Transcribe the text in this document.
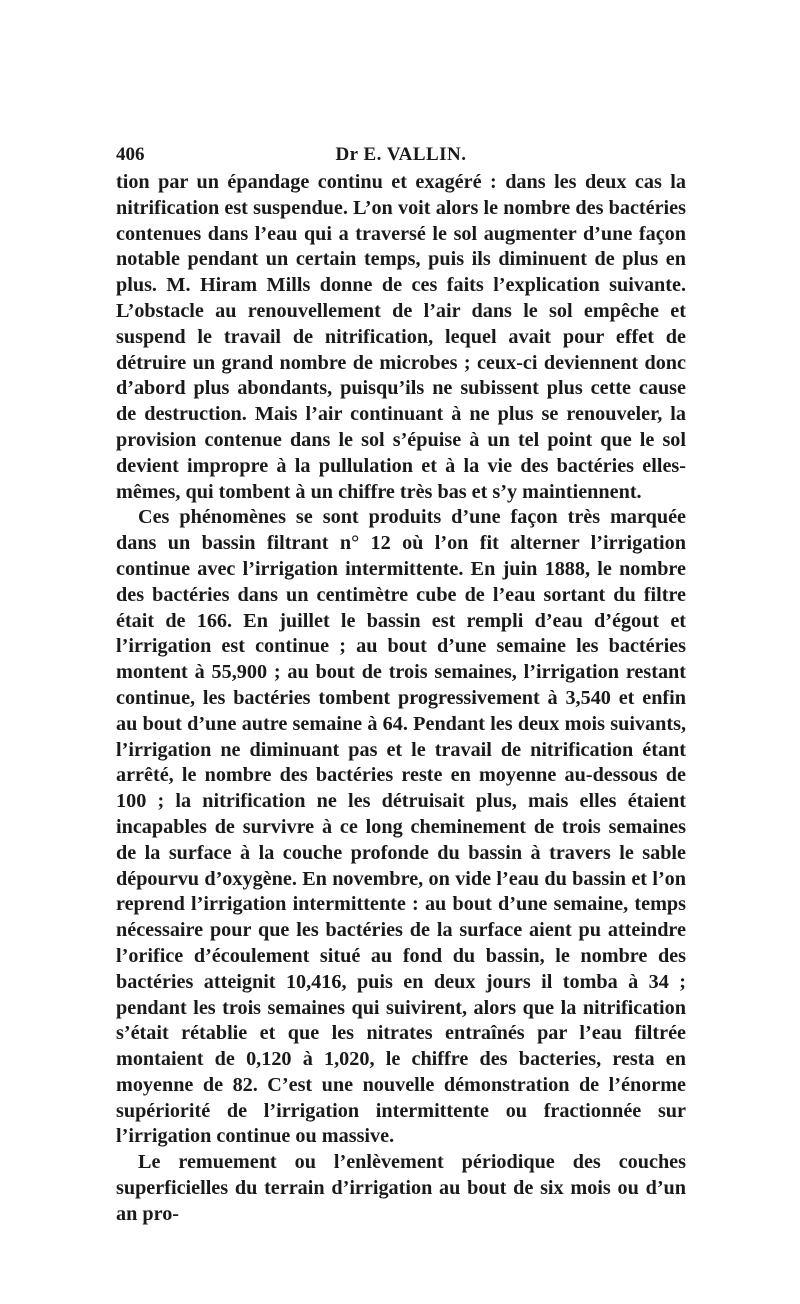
406	Dr E. VALLIN.

tion par un épandage continu et exagéré : dans les deux cas la nitrification est suspendue. L’on voit alors le nombre des bactéries contenues dans l’eau qui a traversé le sol augmenter d’une façon notable pendant un certain temps, puis ils diminuent de plus en plus. M. Hiram Mills donne de ces faits l’explication suivante. L’obstacle au renouvellement de l’air dans le sol empêche et suspend le travail de nitrification, lequel avait pour effet de détruire un grand nombre de microbes ; ceux-ci deviennent donc d’abord plus abondants, puisqu’ils ne subissent plus cette cause de destruction. Mais l’air continuant à ne plus se renouveler, la provision contenue dans le sol s’épuise à un tel point que le sol devient impropre à la pullulation et à la vie des bactéries elles-mêmes, qui tombent à un chiffre très bas et s’y maintiennent.

Ces phénomènes se sont produits d’une façon très marquée dans un bassin filtrant n° 12 où l’on fit alterner l’irrigation continue avec l’irrigation intermittente. En juin 1888, le nombre des bactéries dans un centimètre cube de l’eau sortant du filtre était de 166. En juillet le bassin est rempli d’eau d’égout et l’irrigation est continue ; au bout d’une semaine les bactéries montent à 55,900 ; au bout de trois semaines, l’irrigation restant continue, les bactéries tombent progressivement à 3,540 et enfin au bout d’une autre semaine à 64. Pendant les deux mois suivants, l’irrigation ne diminuant pas et le travail de nitrification étant arrêté, le nombre des bactéries reste en moyenne au-dessous de 100 ; la nitrification ne les détruisait plus, mais elles étaient incapables de survivre à ce long cheminement de trois semaines de la surface à la couche profonde du bassin à travers le sable dépourvu d’oxygène. En novembre, on vide l’eau du bassin et l’on reprend l’irrigation intermittente : au bout d’une semaine, temps nécessaire pour que les bactéries de la surface aient pu atteindre l’orifice d’écoulement situé au fond du bassin, le nombre des bactéries atteignit 10,416, puis en deux jours il tomba à 34 ; pendant les trois semaines qui suivirent, alors que la nitrification s’était rétablie et que les nitrates entraînés par l’eau filtrée montaient de 0,120 à 1,020, le chiffre des bacteries, resta en moyenne de 82. C’est une nouvelle démonstration de l’énorme supériorité de l’irrigation intermittente ou fractionnée sur l’irrigation continue ou massive.

Le remuement ou l’enlèvement périodique des couches superficielles du terrain d’irrigation au bout de six mois ou d’un an pro-
